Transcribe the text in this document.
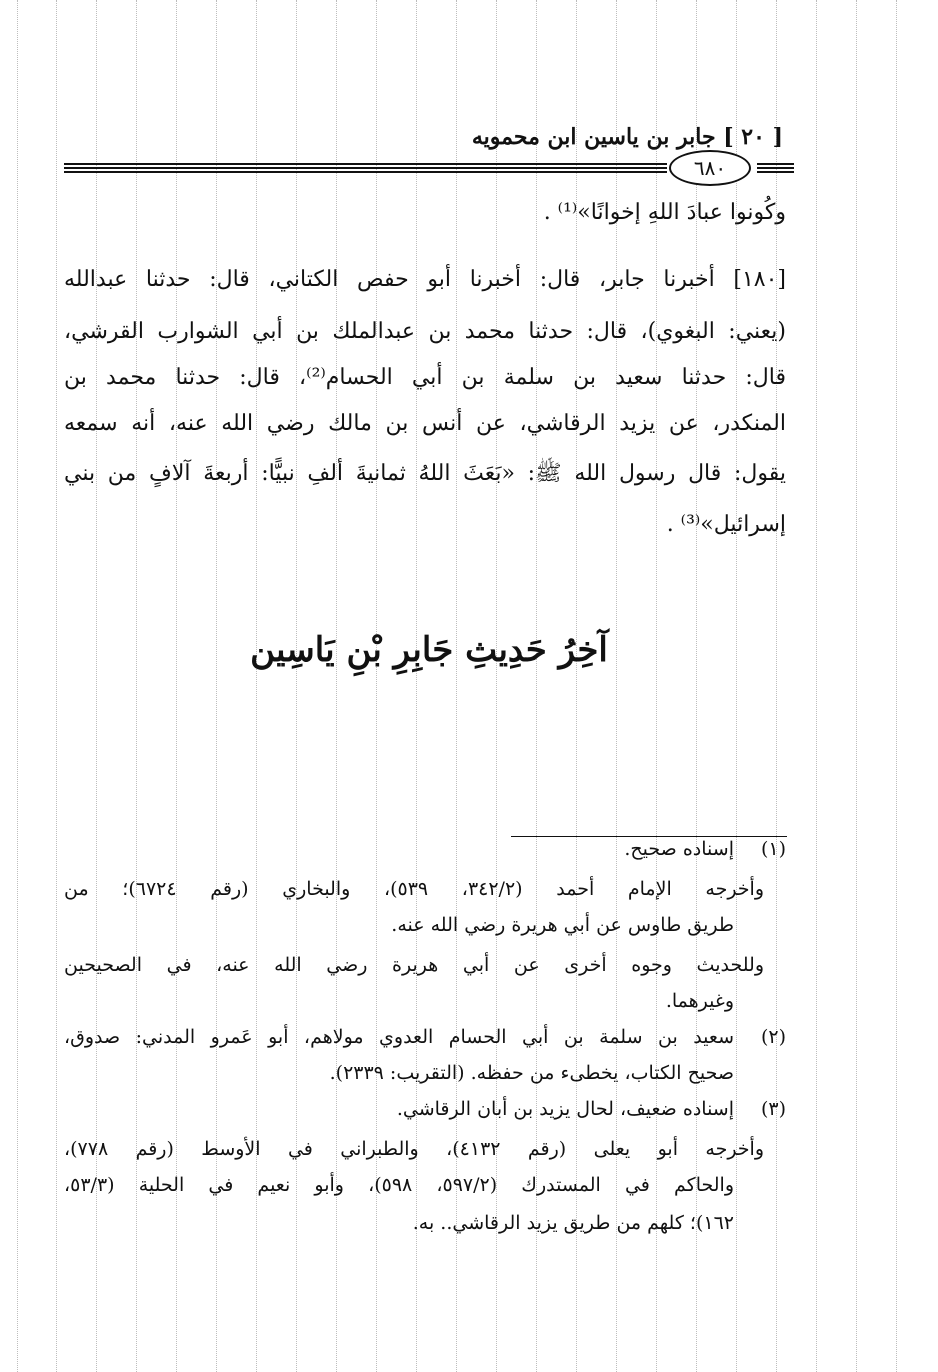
[ ٢٠ ] جابر بن ياسين ابن محمويه
٦٨٠
وكُونوا عبادَ اللهِ إخوانًا»⁽¹⁾ .
[١٨٠] أخبرنا جابر، قال: أخبرنا أبو حفص الكتاني، قال: حدثنا عبدالله
(يعني: البغوي)، قال: حدثنا محمد بن عبدالملك بن أبي الشوارب القرشي،
قال: حدثنا سعيد بن سلمة بن أبي الحسام⁽²⁾، قال: حدثنا محمد بن
المنكدر، عن يزيد الرقاشي، عن أنس بن مالك رضي الله عنه، أنه سمعه
يقول: قال رسول الله ﷺ: «بَعَثَ اللهُ ثمانيةَ ألفِ نبيًّا: أربعةَ آلافٍ من بني
إسرائيل»⁽³⁾ .
آخِرُ حَدِيثِ جَابِرِ بْنِ يَاسِين
(١)
إسناده صحيح.
وأخرجه الإمام أحمد (٣٤٢/٢، ٥٣٩)، والبخاري (رقم ٦٧٢٤)؛ من
طريق طاوس عن أبي هريرة رضي الله عنه.
وللحديث وجوه أخرى عن أبي هريرة رضي الله عنه، في الصحيحين
وغيرهما.
(٢)
سعيد بن سلمة بن أبي الحسام العدوي مولاهم، أبو عَمرو المدني: صدوق،
صحيح الكتاب، يخطىء من حفظه. (التقريب: ٢٣٣٩).
(٣)
إسناده ضعيف، لحال يزيد بن أبان الرقاشي.
وأخرجه أبو يعلى (رقم ٤١٣٢)، والطبراني في الأوسط (رقم ٧٧٨)،
والحاكم في المستدرك (٥٩٧/٢، ٥٩٨)، وأبو نعيم في الحلية (٥٣/٣،
١٦٢)؛ كلهم من طريق يزيد الرقاشي.. به.
